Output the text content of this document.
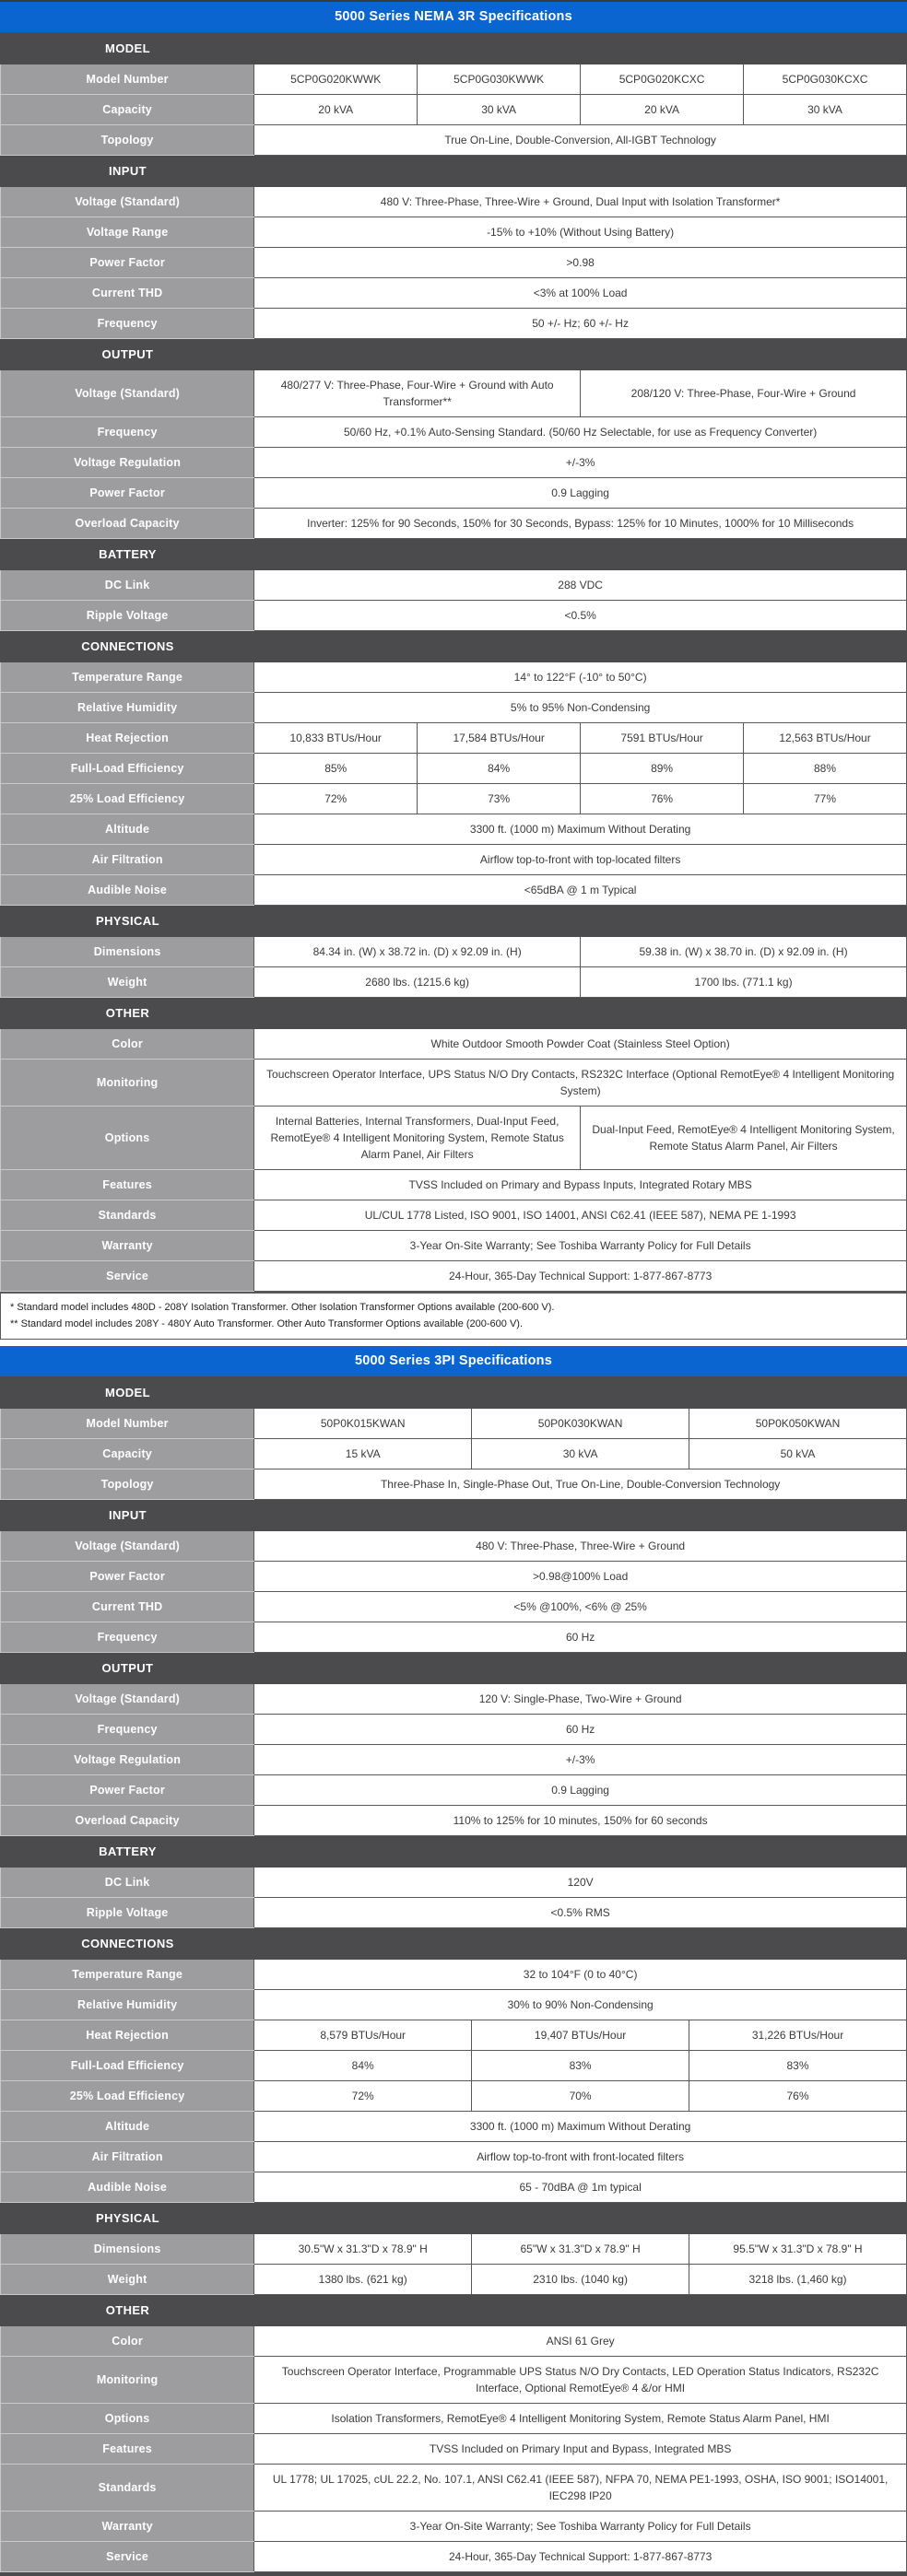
5000 Series NEMA 3R Specifications
MODEL				

Model Number	5CP0G020KWWK	5CP0G030KWWK	5CP0G020KCXC	5CP0G030KCXC
Capacity	20 kVA	30 kVA	20 kVA	30 kVA
Topology	True On-Line, Double-Conversion, All-IGBT Technology			

INPUT				

Voltage (Standard)	480 V: Three-Phase, Three-Wire + Ground, Dual Input with Isolation Transformer*			
Voltage Range	-15% to +10% (Without Using Battery)			
Power Factor	>0.98			
Current THD	<3% at 100% Load			
Frequency	50 +/- Hz; 60 +/- Hz			

OUTPUT				

Voltage (Standard)	480/277 V: Three-Phase, Four-Wire + Ground with Auto Transformer**		208/120 V: Three-Phase, Four-Wire + Ground	
Frequency	50/60 Hz, +0.1% Auto-Sensing Standard. (50/60 Hz Selectable, for use as Frequency Converter)			
Voltage Regulation	+/-3%			
Power Factor	0.9 Lagging			
Overload Capacity	Inverter: 125% for 90 Seconds, 150% for 30 Seconds, Bypass: 125% for 10 Minutes, 1000% for 10 Milliseconds			

BATTERY				

DC Link	288 VDC			
Ripple Voltage	<0.5%			

CONNECTIONS				

Temperature Range	14° to 122°F (-10° to 50°C)			
Relative Humidity	5% to 95% Non-Condensing			
Heat Rejection	10,833 BTUs/Hour	17,584 BTUs/Hour	7591 BTUs/Hour	12,563 BTUs/Hour
Full-Load Efficiency	85%	84%	89%	88%
25% Load Efficiency	72%	73%	76%	77%
Altitude	3300 ft. (1000 m) Maximum Without Derating			
Air Filtration	Airflow top-to-front with top-located filters			
Audible Noise	<65dBA @ 1 m Typical			

PHYSICAL				

Dimensions	84.34 in. (W) x 38.72 in. (D) x 92.09 in. (H)		59.38 in. (W) x 38.70 in. (D) x 92.09 in. (H)	
Weight	2680 lbs. (1215.6 kg)		1700 lbs. (771.1 kg)	

OTHER				

Color	White Outdoor Smooth Powder Coat (Stainless Steel Option)			
Monitoring	Touchscreen Operator Interface, UPS Status N/O Dry Contacts, RS232C Interface (Optional RemotEye® 4 Intelligent Monitoring System)			
Options	Internal Batteries, Internal Transformers, Dual-Input Feed, RemotEye® 4 Intelligent Monitoring System, Remote Status Alarm Panel, Air Filters		Dual-Input Feed, RemotEye® 4 Intelligent Monitoring System, Remote Status Alarm Panel, Air Filters	
Features	TVSS Included on Primary and Bypass Inputs, Integrated Rotary MBS			
Standards	UL/CUL 1778 Listed, ISO 9001, ISO 14001, ANSI C62.41 (IEEE 587), NEMA PE 1-1993			
Warranty	3-Year On-Site Warranty; See Toshiba Warranty Policy for Full Details			
Service	24-Hour, 365-Day Technical Support: 1-877-867-8773			
* Standard model includes 480D - 208Y Isolation Transformer. Other Isolation Transformer Options available (200-600 V).
** Standard model includes 208Y - 480Y Auto Transformer. Other Auto Transformer Options available (200-600 V).
5000 Series 3PI Specifications
MODEL			

Model Number	50P0K015KWAN	50P0K030KWAN	50P0K050KWAN
Capacity	15 kVA	30 kVA	50 kVA
Topology	Three-Phase In, Single-Phase Out, True On-Line, Double-Conversion Technology		

INPUT			

Voltage (Standard)	480 V: Three-Phase, Three-Wire + Ground		
Power Factor	>0.98@100% Load		
Current THD	<5% @100%, <6% @ 25%		
Frequency	60 Hz		

OUTPUT			

Voltage (Standard)	120 V: Single-Phase, Two-Wire + Ground		
Frequency	60 Hz		
Voltage Regulation	+/-3%		
Power Factor	0.9 Lagging		
Overload Capacity	110% to 125% for 10 minutes, 150% for 60 seconds		

BATTERY			

DC Link	120V		
Ripple Voltage	<0.5% RMS		

CONNECTIONS			

Temperature Range	32 to 104°F (0 to 40°C)		
Relative Humidity	30% to 90% Non-Condensing		
Heat Rejection	8,579 BTUs/Hour	19,407 BTUs/Hour	31,226 BTUs/Hour
Full-Load Efficiency	84%	83%	83%
25% Load Efficiency	72%	70%	76%
Altitude	3300 ft. (1000 m) Maximum Without Derating		
Air Filtration	Airflow top-to-front with front-located filters		
Audible Noise	65 - 70dBA @ 1m typical		

PHYSICAL			

Dimensions	30.5"W x 31.3"D x 78.9" H	65"W x 31.3"D x 78.9" H	95.5"W x 31.3"D x 78.9" H
Weight	1380 lbs. (621 kg)	2310 lbs. (1040 kg)	3218 lbs. (1,460 kg)

OTHER			

Color	ANSI 61 Grey		
Monitoring	Touchscreen Operator Interface, Programmable UPS Status N/O Dry Contacts, LED Operation Status Indicators, RS232C Interface, Optional RemotEye® 4 &/or HMI		
Options	Isolation Transformers, RemotEye® 4 Intelligent Monitoring System, Remote Status Alarm Panel, HMI		
Features	TVSS Included on Primary Input and Bypass, Integrated MBS		
Standards	UL 1778; UL 17025, cUL 22.2, No. 107.1, ANSI C62.41 (IEEE 587), NFPA 70, NEMA PE1-1993, OSHA, ISO 9001; ISO14001, IEC298 IP20		
Warranty	3-Year On-Site Warranty; See Toshiba Warranty Policy for Full Details		
Service	24-Hour, 365-Day Technical Support: 1-877-867-8773		
